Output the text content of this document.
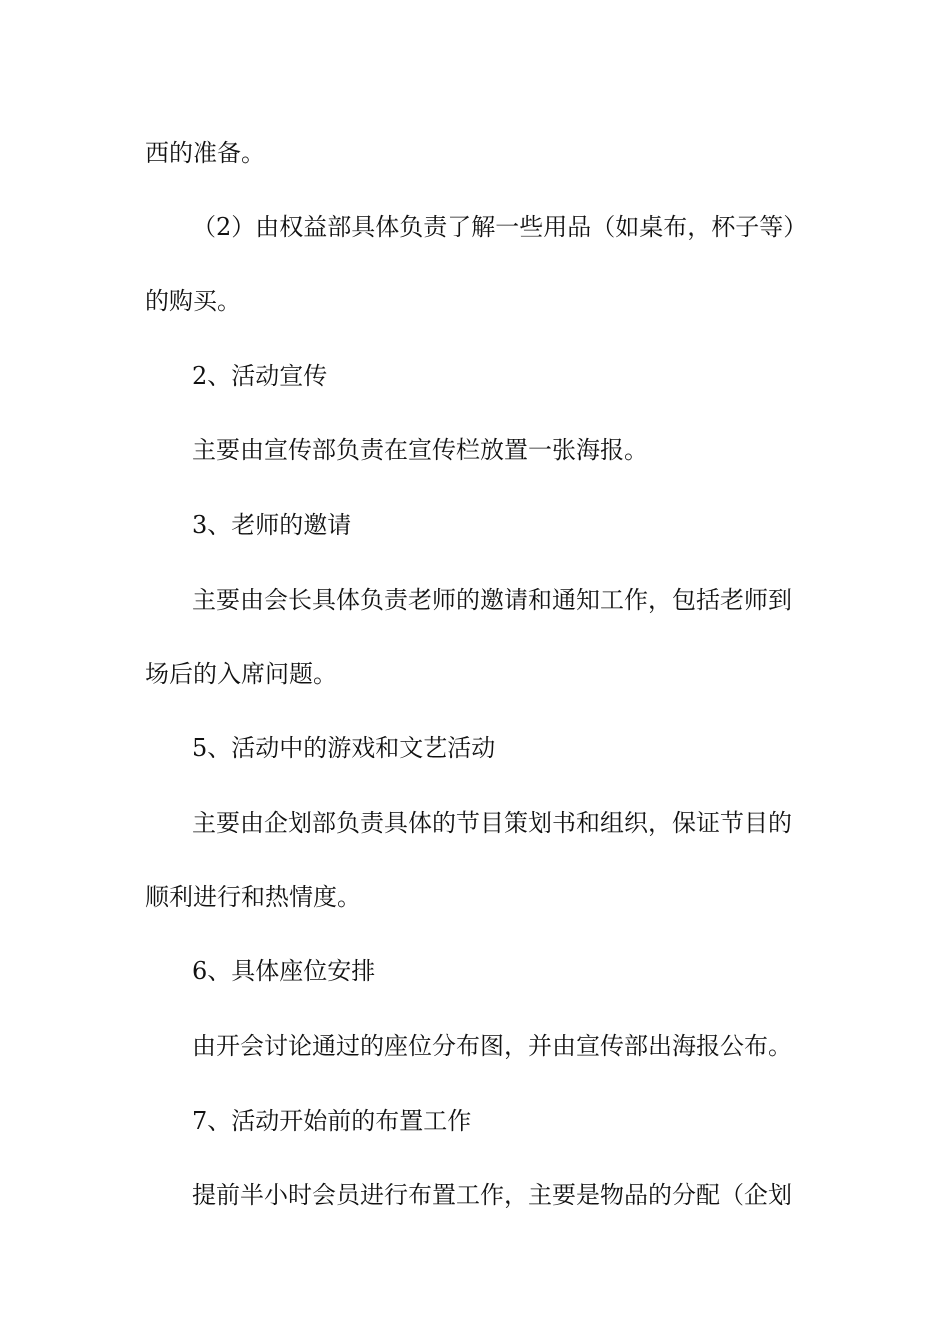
西的准备。
（2）由权益部具体负责了解一些用品（如桌布，杯子等）
的购买。
2、活动宣传
主要由宣传部负责在宣传栏放置一张海报。
3、老师的邀请
主要由会长具体负责老师的邀请和通知工作，包括老师到
场后的入席问题。
5、活动中的游戏和文艺活动
主要由企划部负责具体的节目策划书和组织，保证节目的
顺利进行和热情度。
6、具体座位安排
由开会讨论通过的座位分布图，并由宣传部出海报公布。
7、活动开始前的布置工作
提前半小时会员进行布置工作，主要是物品的分配（企划
